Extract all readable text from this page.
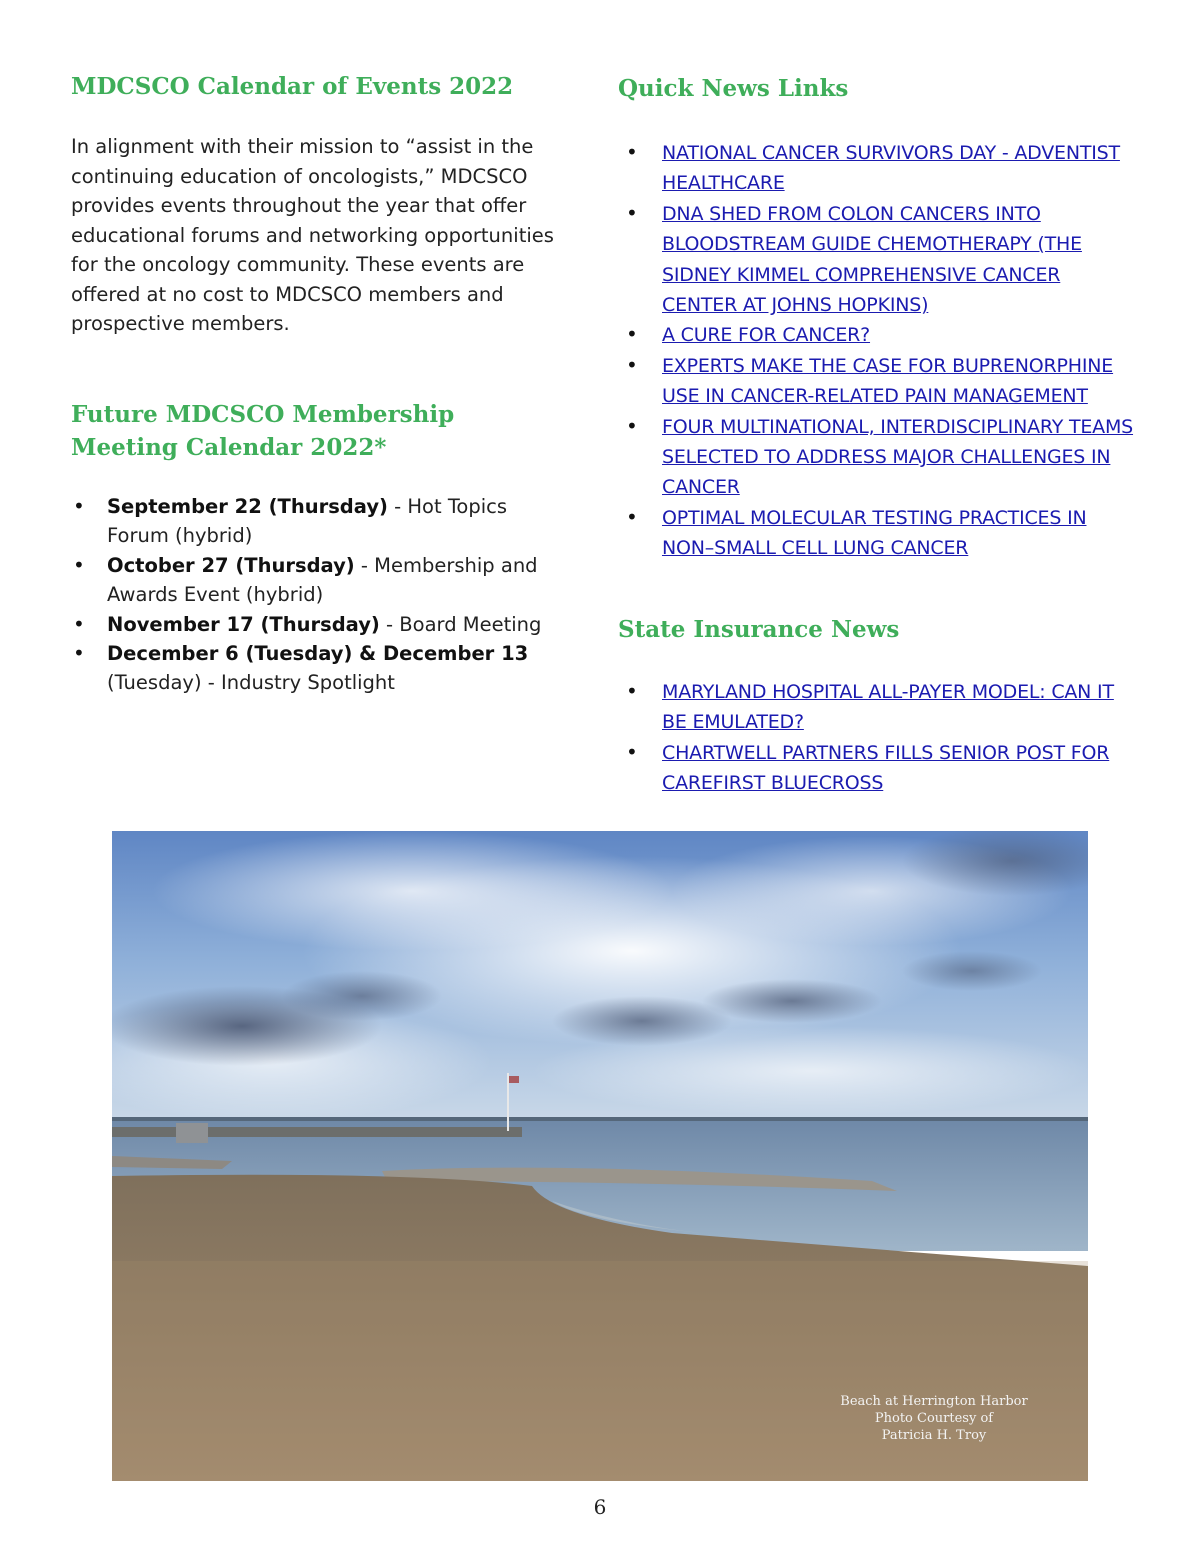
MDCSCO Calendar of Events 2022

In alignment with their mission to “assist in the continuing education of oncologists,” MDCSCO provides events throughout the year that offer educational forums and networking opportunities for the oncology community. These events are offered at no cost to MDCSCO members and prospective members.

Future MDCSCO Membership Meeting Calendar 2022*
• September 22 (Thursday) - Hot Topics Forum (hybrid)
• October 27 (Thursday) - Membership and Awards Event (hybrid)
• November 17 (Thursday) - Board Meeting
• December 6 (Tuesday) & December 13 (Tuesday) - Industry Spotlight
Quick News Links
• NATIONAL CANCER SURVIVORS DAY - ADVENTIST HEALTHCARE
• DNA SHED FROM COLON CANCERS INTO BLOODSTREAM GUIDE CHEMOTHERAPY (THE SIDNEY KIMMEL COMPREHENSIVE CANCER CENTER AT JOHNS HOPKINS)
• A CURE FOR CANCER?
• EXPERTS MAKE THE CASE FOR BUPRENORPHINE USE IN CANCER-RELATED PAIN MANAGEMENT
• FOUR MULTINATIONAL, INTERDISCIPLINARY TEAMS SELECTED TO ADDRESS MAJOR CHALLENGES IN CANCER
• OPTIMAL MOLECULAR TESTING PRACTICES IN NON–SMALL CELL LUNG CANCER
State Insurance News
• MARYLAND HOSPITAL ALL-PAYER MODEL: CAN IT BE EMULATED?
• CHARTWELL PARTNERS FILLS SENIOR POST FOR CAREFIRST BLUECROSS
Beach at Herrington Harbor
Photo Courtesy of
Patricia H. Troy
6
